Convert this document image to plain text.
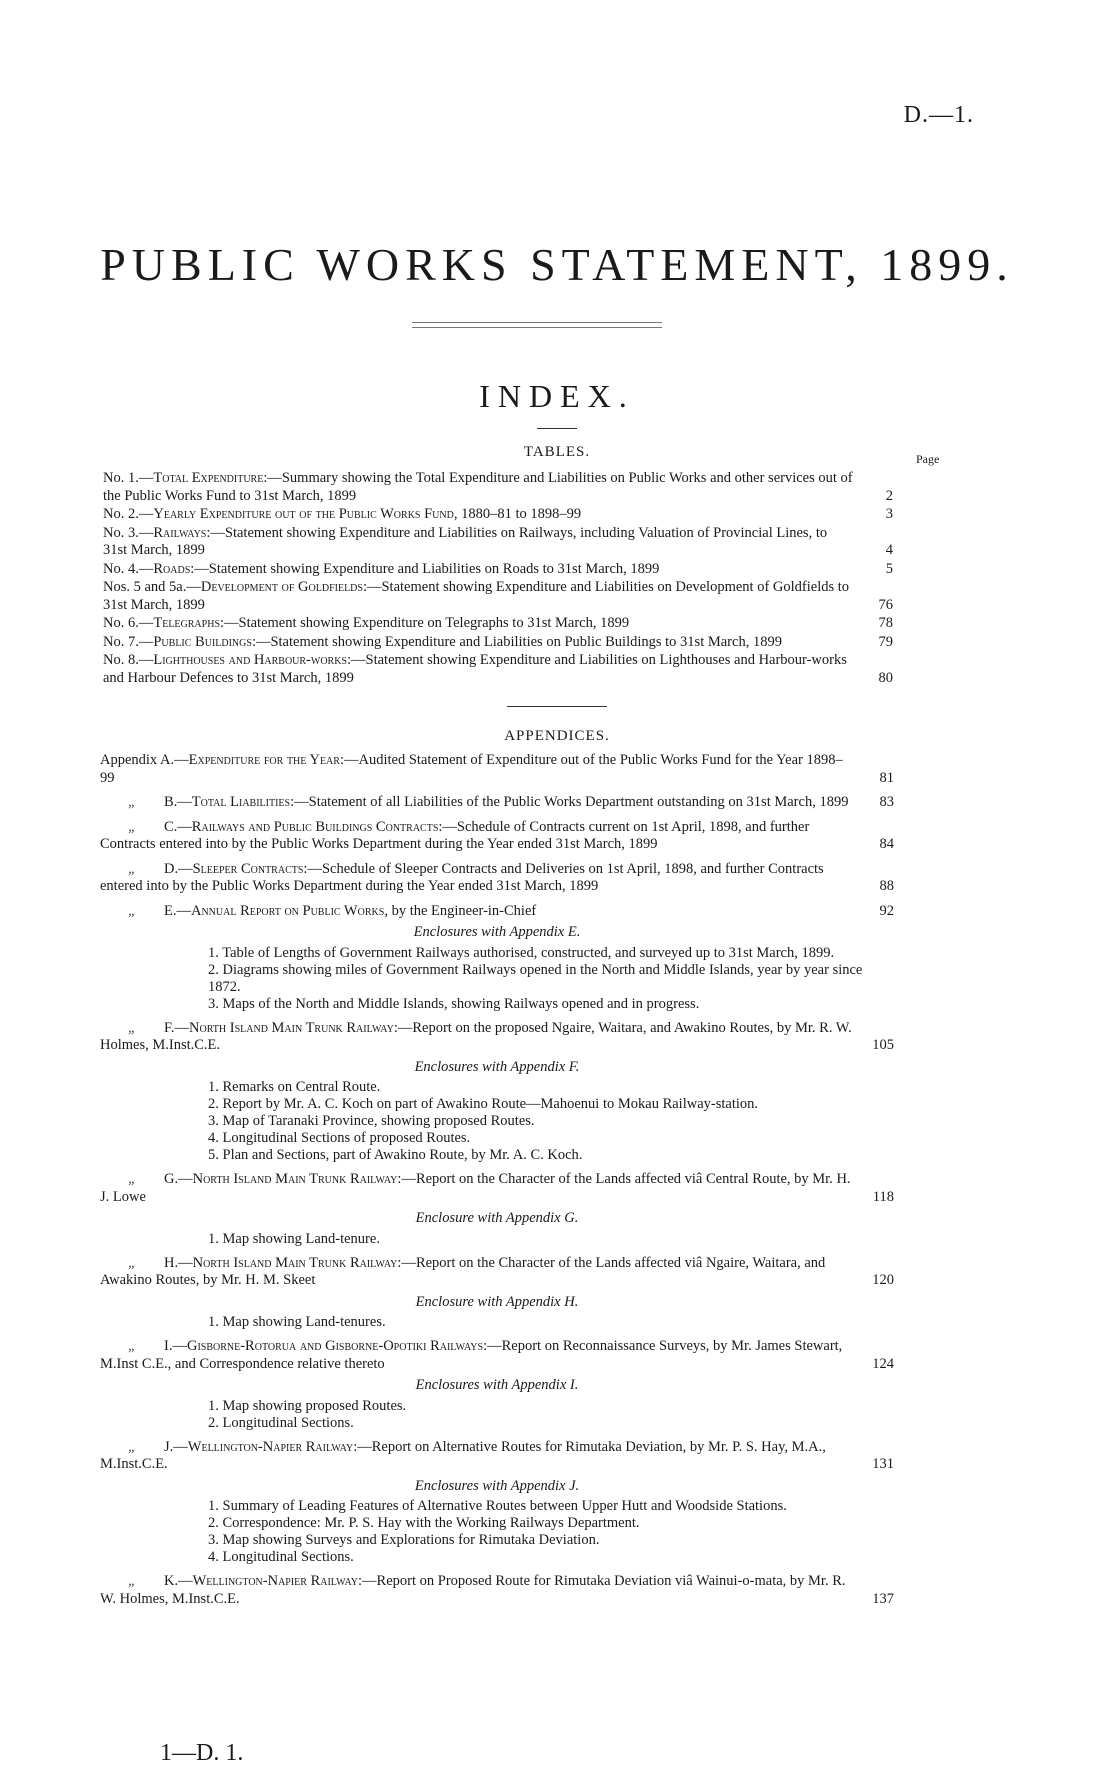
D.—1.
PUBLIC WORKS STATEMENT, 1899.
INDEX.
TABLES.	Page
No. 1.—Total Expenditure:—Summary showing the Total Expenditure and Liabilities on Public Works and other services out of the Public Works Fund to 31st March, 1899	2
No. 2.—Yearly Expenditure out of the Public Works Fund, 1880–81 to 1898–99	3
No. 3.—Railways:—Statement showing Expenditure and Liabilities on Railways, including Valuation of Provincial Lines, to 31st March, 1899	4
No. 4.—Roads:—Statement showing Expenditure and Liabilities on Roads to 31st March, 1899	5
Nos. 5 and 5a.—Development of Goldfields:—Statement showing Expenditure and Liabilities on Development of Goldfields to 31st March, 1899	76
No. 6.—Telegraphs:—Statement showing Expenditure on Telegraphs to 31st March, 1899	78
No. 7.—Public Buildings:—Statement showing Expenditure and Liabilities on Public Buildings to 31st March, 1899	79
No. 8.—Lighthouses and Harbour-works:—Statement showing Expenditure and Liabilities on Lighthouses and Harbour-works and Harbour Defences to 31st March, 1899	80
APPENDICES.
Appendix A.—Expenditure for the Year:—Audited Statement of Expenditure out of the Public Works Fund for the Year 1898–99	81
„ B.—Total Liabilities:—Statement of all Liabilities of the Public Works Department outstanding on 31st March, 1899	83
„ C.—Railways and Public Buildings Contracts:—Schedule of Contracts current on 1st April, 1898, and further Contracts entered into by the Public Works Department during the Year ended 31st March, 1899	84
„ D.—Sleeper Contracts:—Schedule of Sleeper Contracts and Deliveries on 1st April, 1898, and further Contracts entered into by the Public Works Department during the Year ended 31st March, 1899	88
„ E.—Annual Report on Public Works, by the Engineer-in-Chief	92
Enclosures with Appendix E.
1. Table of Lengths of Government Railways authorised, constructed, and surveyed up to 31st March, 1899.
2. Diagrams showing miles of Government Railways opened in the North and Middle Islands, year by year since 1872.
3. Maps of the North and Middle Islands, showing Railways opened and in progress.
„ F.—North Island Main Trunk Railway:—Report on the proposed Ngaire, Waitara, and Awakino Routes, by Mr. R. W. Holmes, M.Inst.C.E.	105
Enclosures with Appendix F.
1. Remarks on Central Route.
2. Report by Mr. A. C. Koch on part of Awakino Route—Mahoenui to Mokau Railway-station.
3. Map of Taranaki Province, showing proposed Routes.
4. Longitudinal Sections of proposed Routes.
5. Plan and Sections, part of Awakino Route, by Mr. A. C. Koch.
„ G.—North Island Main Trunk Railway:—Report on the Character of the Lands affected viâ Central Route, by Mr. H. J. Lowe	118
Enclosure with Appendix G.
1. Map showing Land-tenure.
„ H.—North Island Main Trunk Railway:—Report on the Character of the Lands affected viâ Ngaire, Waitara, and Awakino Routes, by Mr. H. M. Skeet	120
Enclosure with Appendix H.
1. Map showing Land-tenures.
„ I.—Gisborne-Rotorua and Gisborne-Opotiki Railways:—Report on Reconnaissance Surveys, by Mr. James Stewart, M.Inst C.E., and Correspondence relative thereto	124
Enclosures with Appendix I.
1. Map showing proposed Routes.
2. Longitudinal Sections.
„ J.—Wellington-Napier Railway:—Report on Alternative Routes for Rimutaka Deviation, by Mr. P. S. Hay, M.A., M.Inst.C.E.	131
Enclosures with Appendix J.
1. Summary of Leading Features of Alternative Routes between Upper Hutt and Woodside Stations.
2. Correspondence: Mr. P. S. Hay with the Working Railways Department.
3. Map showing Surveys and Explorations for Rimutaka Deviation.
4. Longitudinal Sections.
„ K.—Wellington-Napier Railway:—Report on Proposed Route for Rimutaka Deviation viâ Wainui-o-mata, by Mr. R. W. Holmes, M.Inst.C.E.	137
1—D. 1.
